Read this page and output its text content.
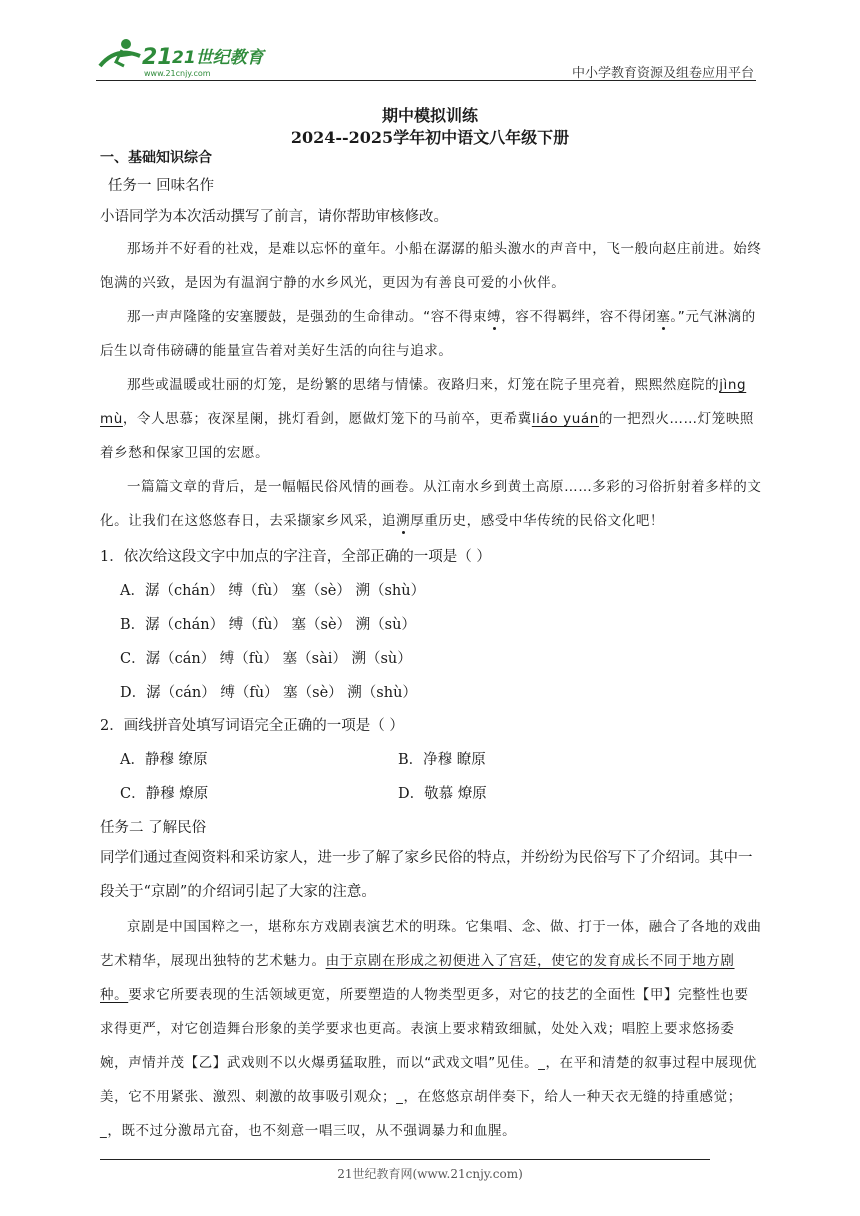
21 21世纪教育
www.21cnjy.com	中小学教育资源及组卷应用平台
期中模拟训练
2024--2025学年初中语文八年级下册
一、基础知识综合
任务一 回味名作
小语同学为本次活动撰写了前言，请你帮助审核修改。
那场并不好看的社戏，是难以忘怀的童年。小船在潺潺的船头激水的声音中，飞一般向赵庄前进。始终饱满的兴致，是因为有温润宁静的水乡风光，更因为有善良可爱的小伙伴。
那一声声隆隆的安塞腰鼓，是强劲的生命律动。“容不得束缚，容不得羁绊，容不得闭塞。”元气淋漓的后生以奇伟磅礴的能量宣告着对美好生活的向往与追求。
那些或温暖或壮丽的灯笼，是纷繁的思绪与情愫。夜路归来，灯笼在院子里亮着，熙熙然庭院的jìng mù，令人思慕；夜深星阑，挑灯看剑，愿做灯笼下的马前卒，更希冀liáo yuán的一把烈火……灯笼映照着乡愁和保家卫国的宏愿。
一篇篇文章的背后，是一幅幅民俗风情的画卷。从江南水乡到黄土高原……多彩的习俗折射着多样的文化。让我们在这悠悠春日，去采撷家乡风采，追溯厚重历史，感受中华传统的民俗文化吧！
1．依次给这段文字中加点的字注音，全部正确的一项是（ ）
A．潺（chán） 缚（fù） 塞（sè） 溯（shù）
B．潺（chán） 缚（fù） 塞（sè） 溯（sù）
C．潺（cán） 缚（fù） 塞（sài） 溯（sù）
D．潺（cán） 缚（fù） 塞（sè） 溯（shù）
2．画线拼音处填写词语完全正确的一项是（ ）
A．静穆 缭原	B．净穆 瞭原
C．静穆 燎原	D．敬慕 燎原
任务二 了解民俗
同学们通过查阅资料和采访家人，进一步了解了家乡民俗的特点，并纷纷为民俗写下了介绍词。其中一段关于“京剧”的介绍词引起了大家的注意。
京剧是中国国粹之一，堪称东方戏剧表演艺术的明珠。它集唱、念、做、打于一体，融合了各地的戏曲艺术精华，展现出独特的艺术魅力。由于京剧在形成之初便进入了宫廷，使它的发育成长不同于地方剧种。要求它所要表现的生活领域更宽，所要塑造的人物类型更多，对它的技艺的全面性【甲】完整性也要求得更严，对它创造舞台形象的美学要求也更高。表演上要求精致细腻，处处入戏；唱腔上要求悠扬委婉，声情并茂【乙】武戏则不以火爆勇猛取胜，而以“武戏文唱”见佳。_，在平和清楚的叙事过程中展现优美，它不用紧张、激烈、刺激的故事吸引观众；_，在悠悠京胡伴奏下，给人一种天衣无缝的持重感觉；_，既不过分激昂亢奋，也不刻意一唱三叹，从不强调暴力和血腥。
21世纪教育网(www.21cnjy.com)
